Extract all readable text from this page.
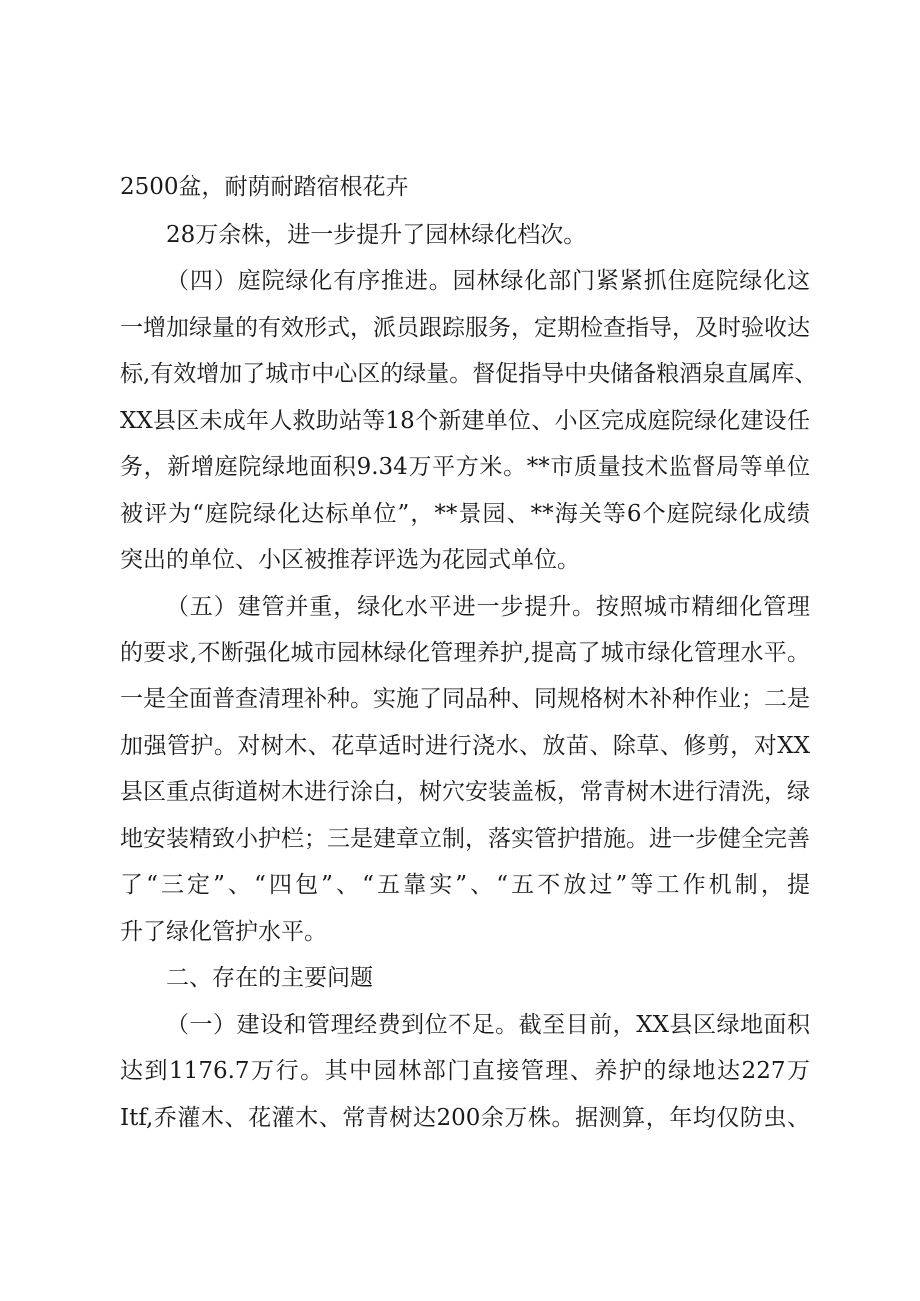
2500盆，耐荫耐踏宿根花卉
28万余株，进一步提升了园林绿化档次。
（四）庭院绿化有序推进。园林绿化部门紧紧抓住庭院绿化这
一增加绿量的有效形式，派员跟踪服务，定期检查指导，及时验收达
标,有效增加了城市中心区的绿量。督促指导中央储备粮酒泉直属库、
XX县区未成年人救助站等18个新建单位、小区完成庭院绿化建设任
务，新增庭院绿地面积9.34万平方米。**市质量技术监督局等单位
被评为“庭院绿化达标单位”，**景园、**海关等6个庭院绿化成绩
突出的单位、小区被推荐评选为花园式单位。
（五）建管并重，绿化水平进一步提升。按照城市精细化管理
的要求,不断强化城市园林绿化管理养护,提高了城市绿化管理水平。
一是全面普查清理补种。实施了同品种、同规格树木补种作业；二是
加强管护。对树木、花草适时进行浇水、放苗、除草、修剪，对XX
县区重点街道树木进行涂白，树穴安装盖板，常青树木进行清洗，绿
地安装精致小护栏；三是建章立制，落实管护措施。进一步健全完善
了“三定”、“四包”、“五靠实”、“五不放过”等工作机制，提
升了绿化管护水平。
二、存在的主要问题
（一）建设和管理经费到位不足。截至目前，XX县区绿地面积
达到1176.7万行。其中园林部门直接管理、养护的绿地达227万
Itf,乔灌木、花灌木、常青树达200余万株。据测算，年均仅防虫、
